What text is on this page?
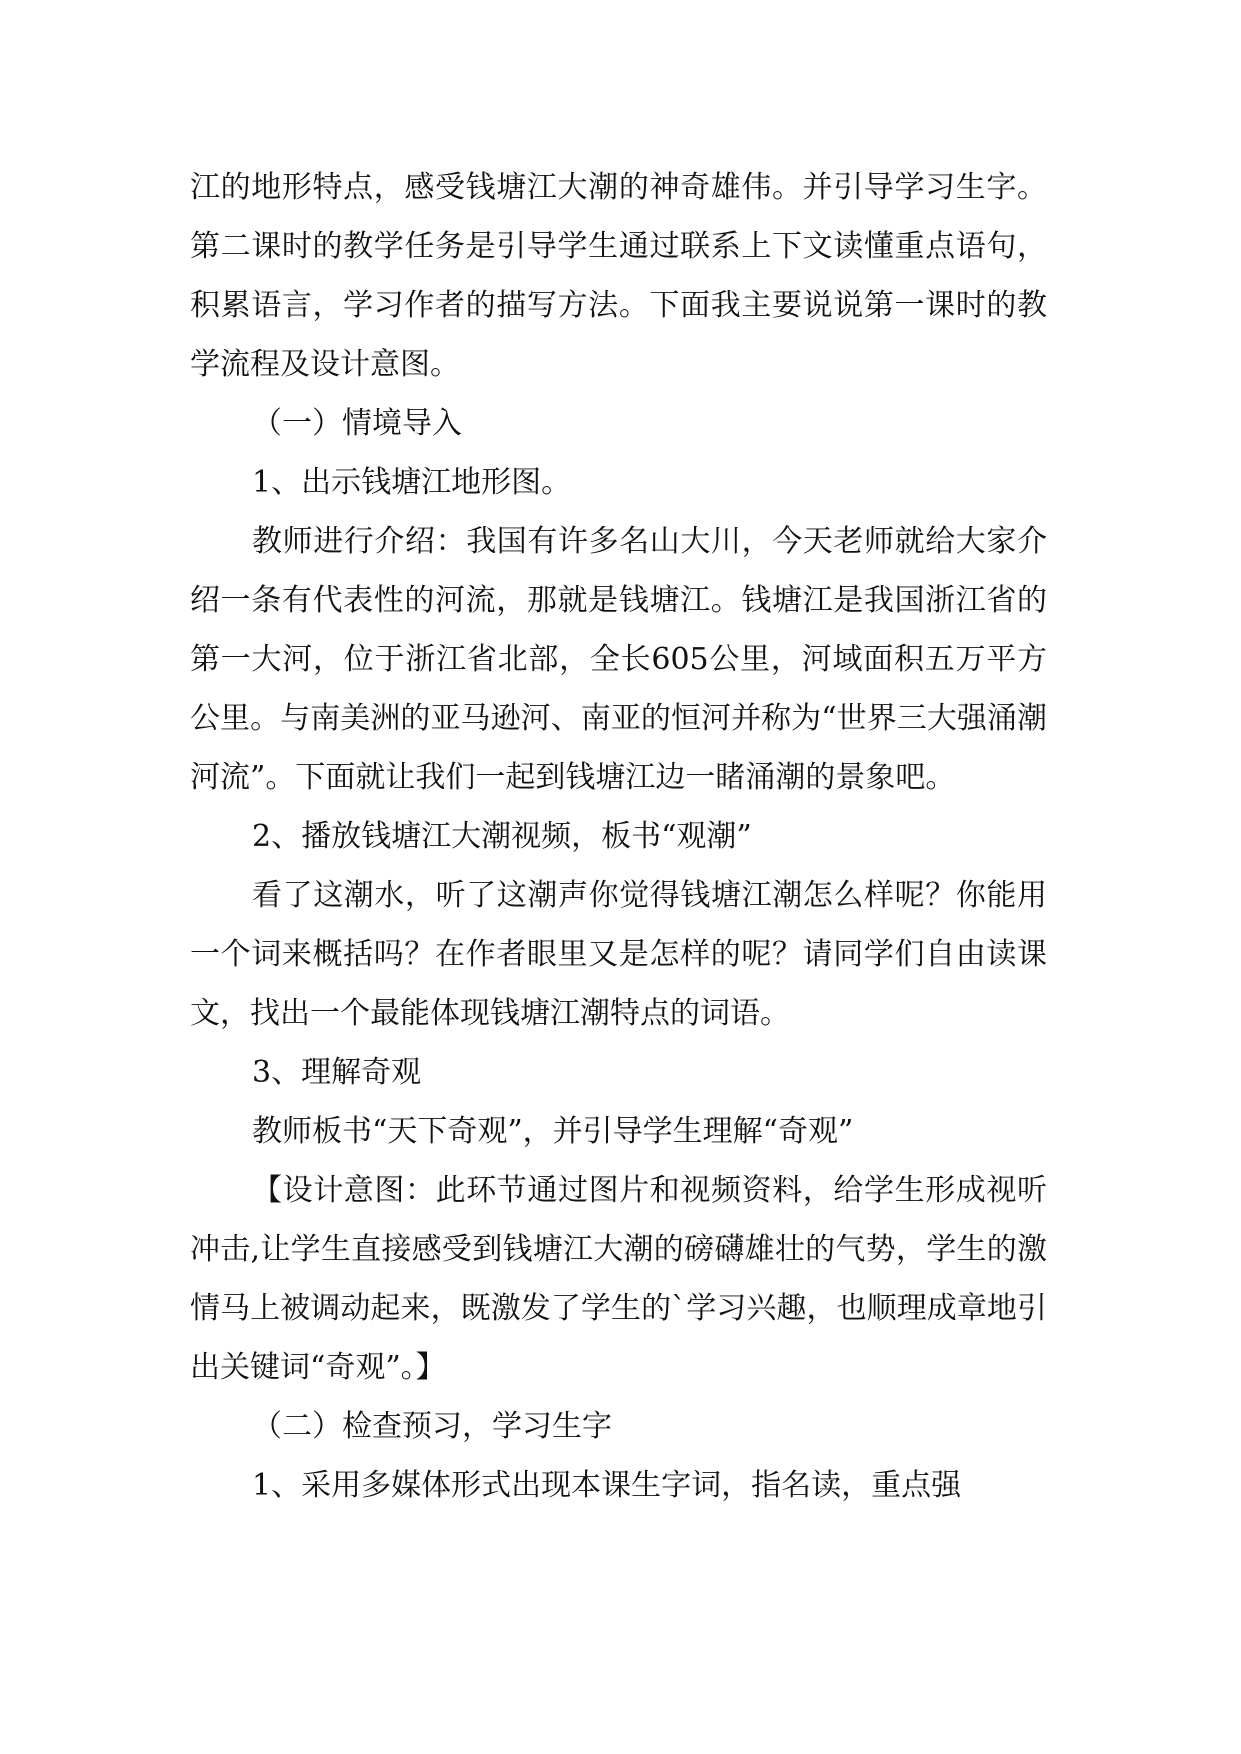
江的地形特点，感受钱塘江大潮的神奇雄伟。并引导学习生字。第二课时的教学任务是引导学生通过联系上下文读懂重点语句，积累语言，学习作者的描写方法。下面我主要说说第一课时的教学流程及设计意图。

（一）情境导入

1、出示钱塘江地形图。

教师进行介绍：我国有许多名山大川，今天老师就给大家介绍一条有代表性的河流，那就是钱塘江。钱塘江是我国浙江省的第一大河，位于浙江省北部，全长605公里，河域面积五万平方公里。与南美洲的亚马逊河、南亚的恒河并称为“世界三大强涌潮河流”。下面就让我们一起到钱塘江边一睹涌潮的景象吧。

2、播放钱塘江大潮视频，板书“观潮”

看了这潮水，听了这潮声你觉得钱塘江潮怎么样呢？你能用一个词来概括吗？在作者眼里又是怎样的呢？请同学们自由读课文，找出一个最能体现钱塘江潮特点的词语。

3、理解奇观

教师板书“天下奇观”，并引导学生理解“奇观”

【设计意图：此环节通过图片和视频资料，给学生形成视听冲击,让学生直接感受到钱塘江大潮的磅礴雄壮的气势，学生的激情马上被调动起来，既激发了学生的`学习兴趣，也顺理成章地引出关键词“奇观”。】

（二）检查预习，学习生字

1、采用多媒体形式出现本课生字词，指名读，重点强
